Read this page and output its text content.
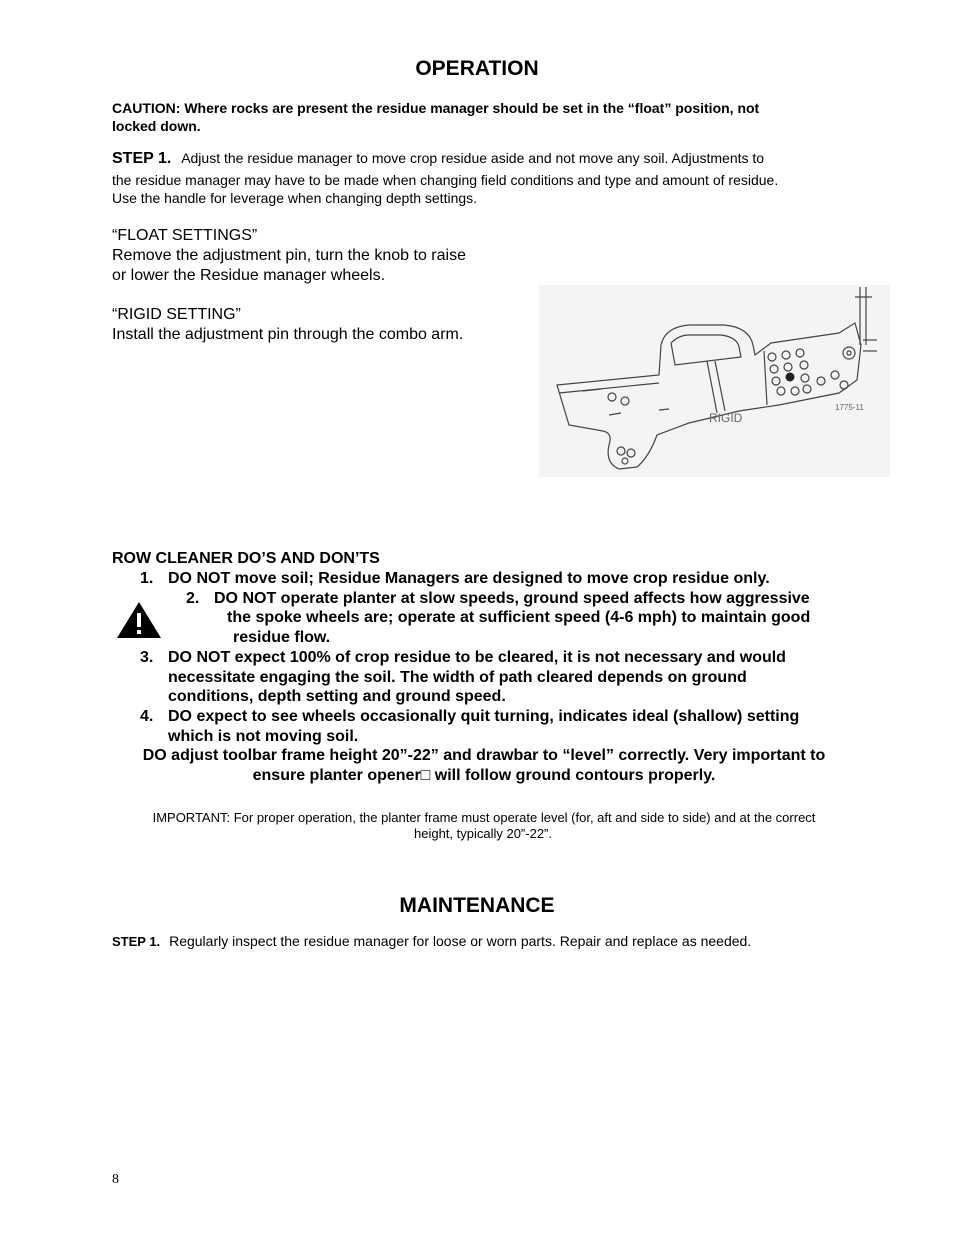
OPERATION
CAUTION: Where rocks are present the residue manager should be set in the “float” position, not
locked down.
STEP 1. Adjust the residue manager to move crop residue aside and not move any soil. Adjustments to
the residue manager may have to be made when changing field conditions and type and amount of residue.
Use the handle for leverage when changing depth settings.
“FLOAT SETTINGS”
Remove the adjustment pin, turn the knob to raise
or lower the Residue manager wheels.
“RIGID SETTING”
Install the adjustment pin through the combo arm.
RIGID
1775-11
ROW CLEANER DO’S AND DON’TS
1. DO NOT move soil; Residue Managers are designed to move crop residue only.
2. DO NOT operate planter at slow speeds, ground speed affects how aggressive
the spoke wheels are; operate at sufficient speed (4-6 mph) to maintain good
residue flow.
3. DO NOT expect 100% of crop residue to be cleared, it is not necessary and would
necessitate engaging the soil. The width of path cleared depends on ground
conditions, depth setting and ground speed.
4. DO expect to see wheels occasionally quit turning, indicates ideal (shallow) setting
which is not moving soil.
DO adjust toolbar frame height 20”-22” and drawbar to “level” correctly. Very important to
ensure planter opener□ will follow ground contours properly.
IMPORTANT: For proper operation, the planter frame must operate level (for, aft and side to side) and at the correct
height, typically 20”-22”.
MAINTENANCE
STEP 1. Regularly inspect the residue manager for loose or worn parts. Repair and replace as needed.
8
